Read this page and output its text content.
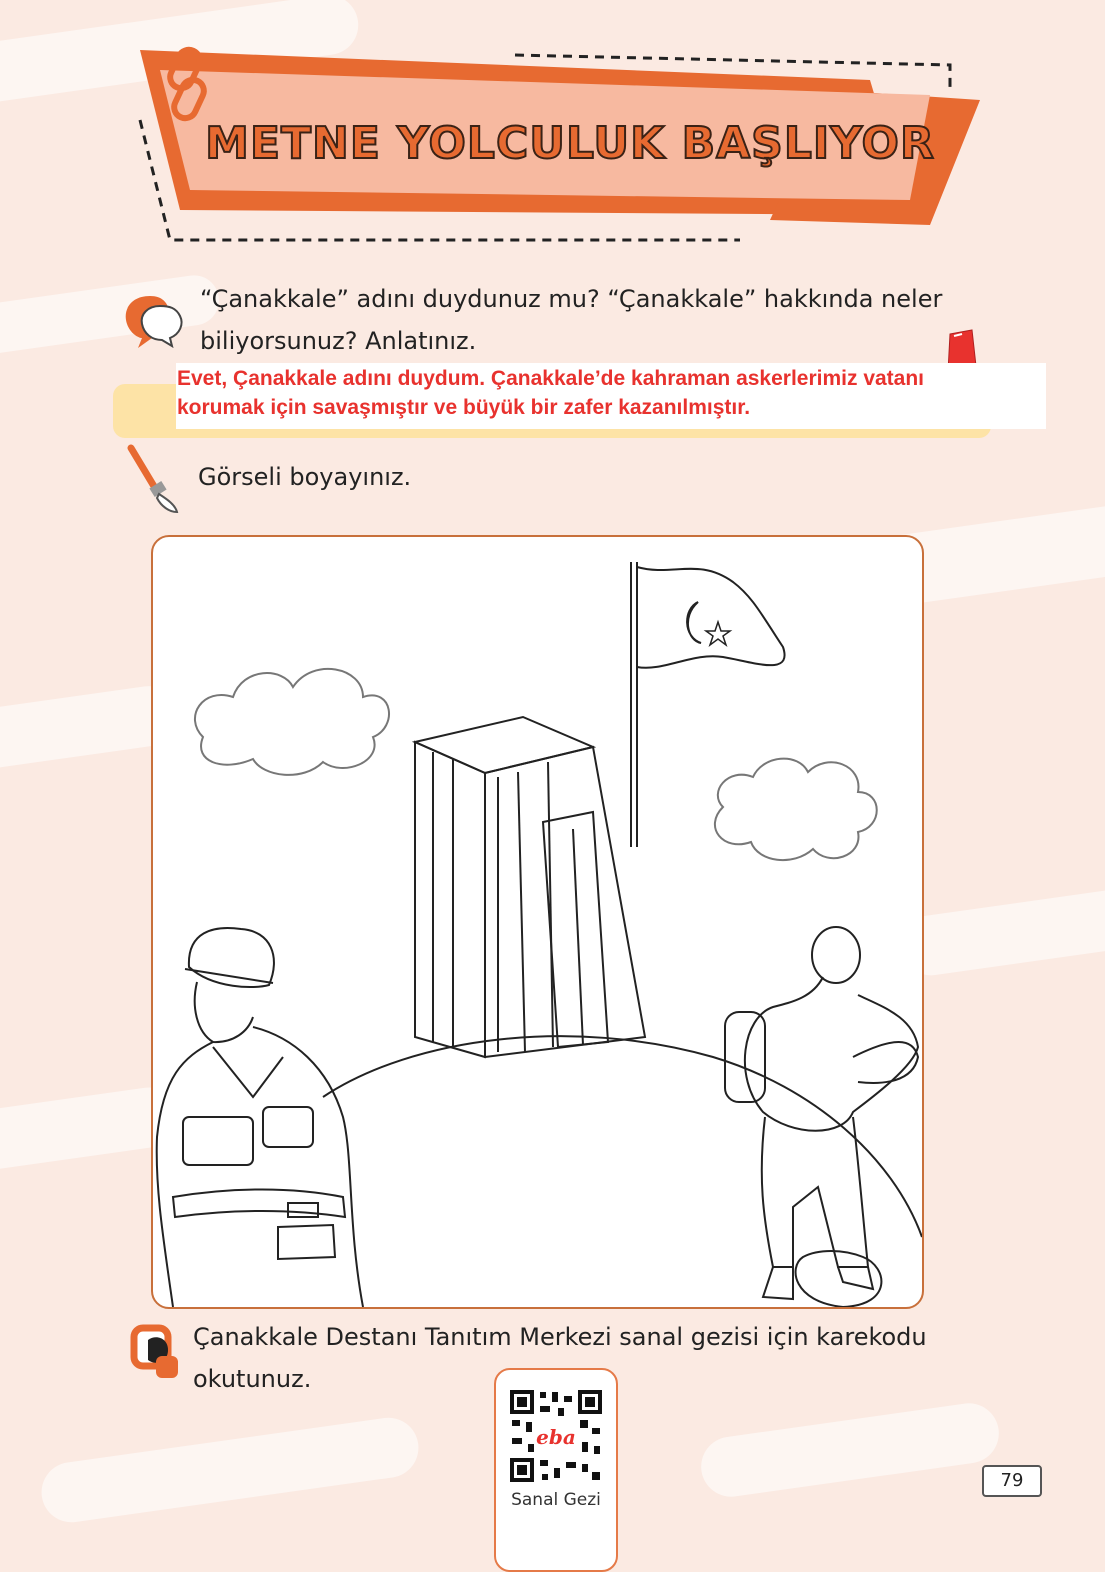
METNE YOLCULUK BAŞLIYOR
“Çanakkale” adını duydunuz mu? “Çanakkale” hakkında neler
biliyorsunuz? Anlatınız.
Evet, Çanakkale adını duydum. Çanakkale’de kahraman askerlerimiz vatanı
korumak için savaşmıştır ve büyük bir zafer kazanılmıştır.
Görseli boyayınız.
Çanakkale Destanı Tanıtım Merkezi sanal gezisi için karekodu
okutunuz.
eba
Sanal Gezi
79
